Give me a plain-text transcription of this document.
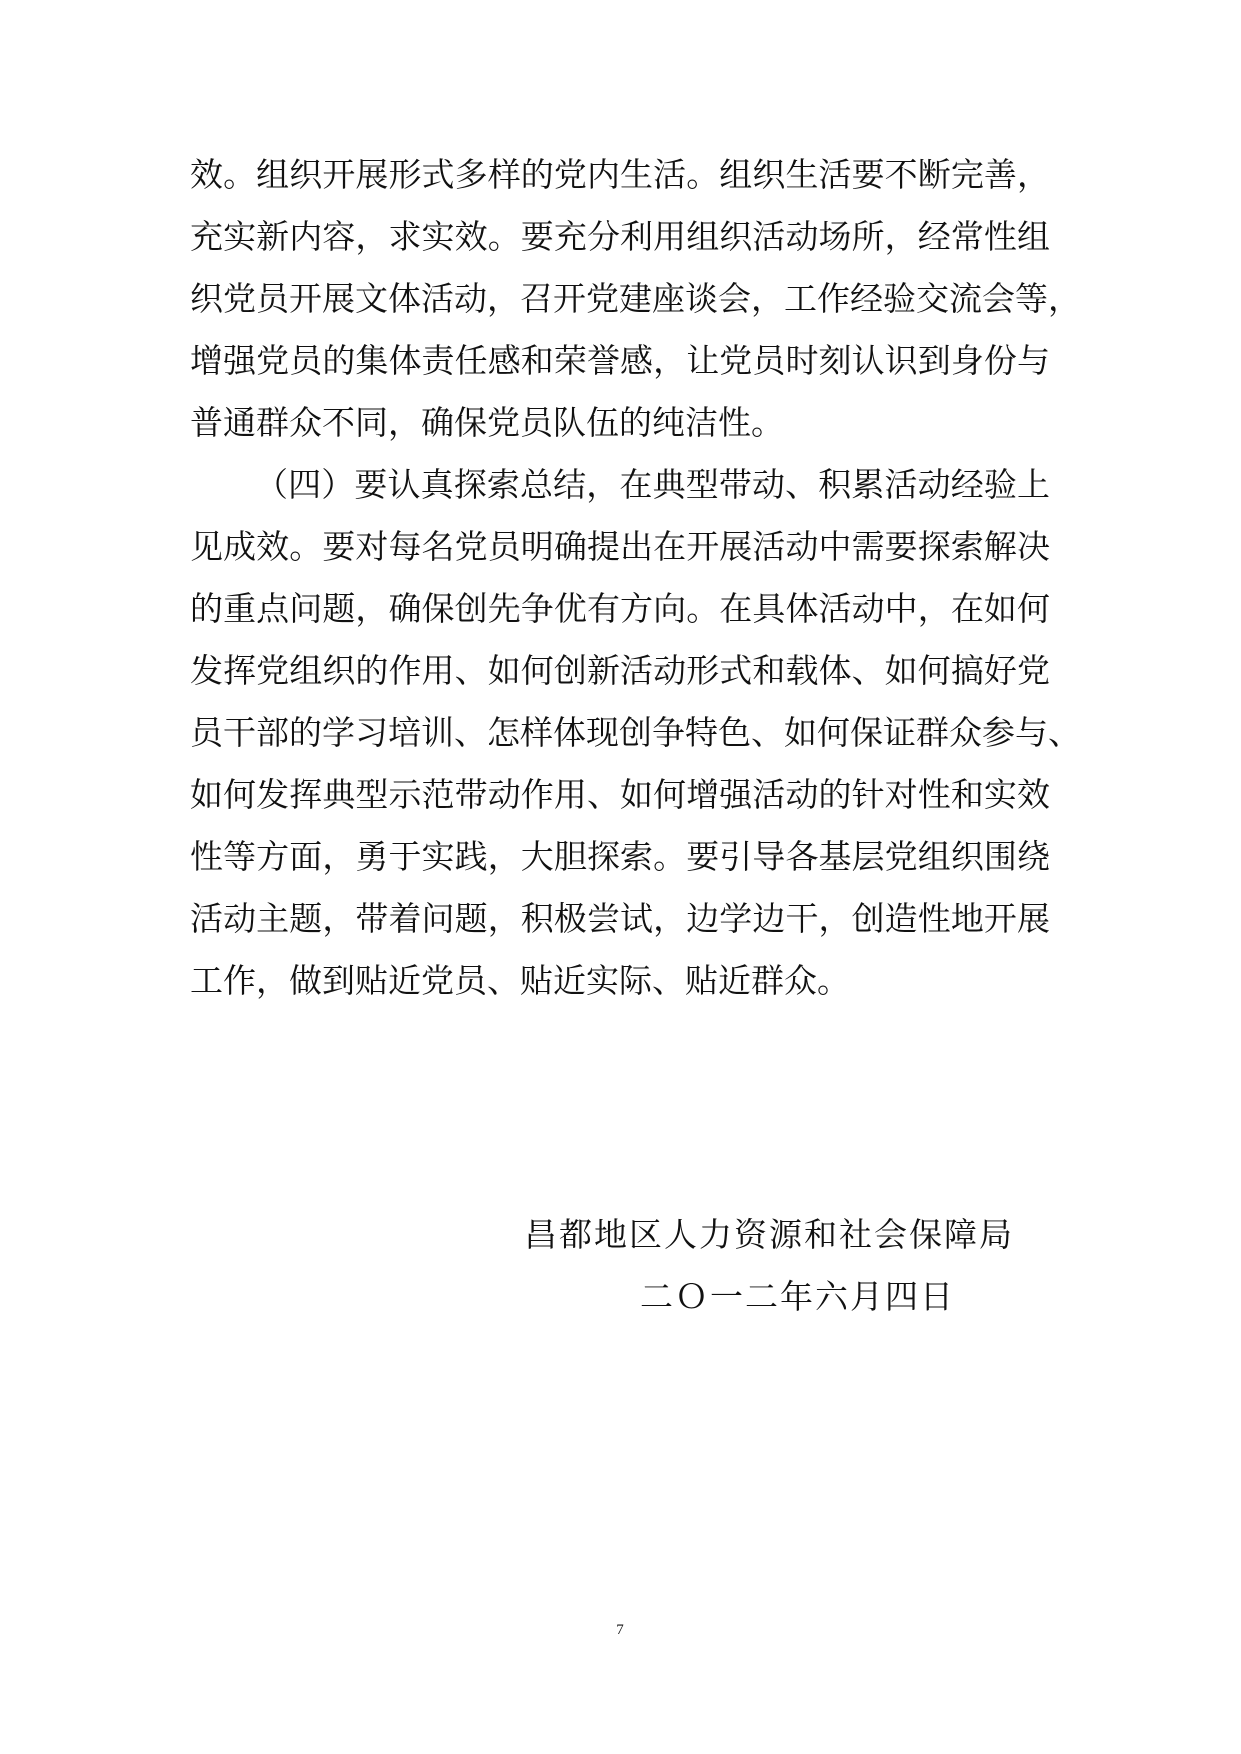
效。组织开展形式多样的党内生活。组织生活要不断完善，
充实新内容，求实效。要充分利用组织活动场所，经常性组
织党员开展文体活动，召开党建座谈会，工作经验交流会等，
增强党员的集体责任感和荣誉感，让党员时刻认识到身份与
普通群众不同，确保党员队伍的纯洁性。
（四）要认真探索总结，在典型带动、积累活动经验上
见成效。要对每名党员明确提出在开展活动中需要探索解决
的重点问题，确保创先争优有方向。在具体活动中，在如何
发挥党组织的作用、如何创新活动形式和载体、如何搞好党
员干部的学习培训、怎样体现创争特色、如何保证群众参与、
如何发挥典型示范带动作用、如何增强活动的针对性和实效
性等方面，勇于实践，大胆探索。要引导各基层党组织围绕
活动主题，带着问题，积极尝试，边学边干，创造性地开展
工作，做到贴近党员、贴近实际、贴近群众。
昌都地区人力资源和社会保障局
二Ｏ一二年六月四日
7
